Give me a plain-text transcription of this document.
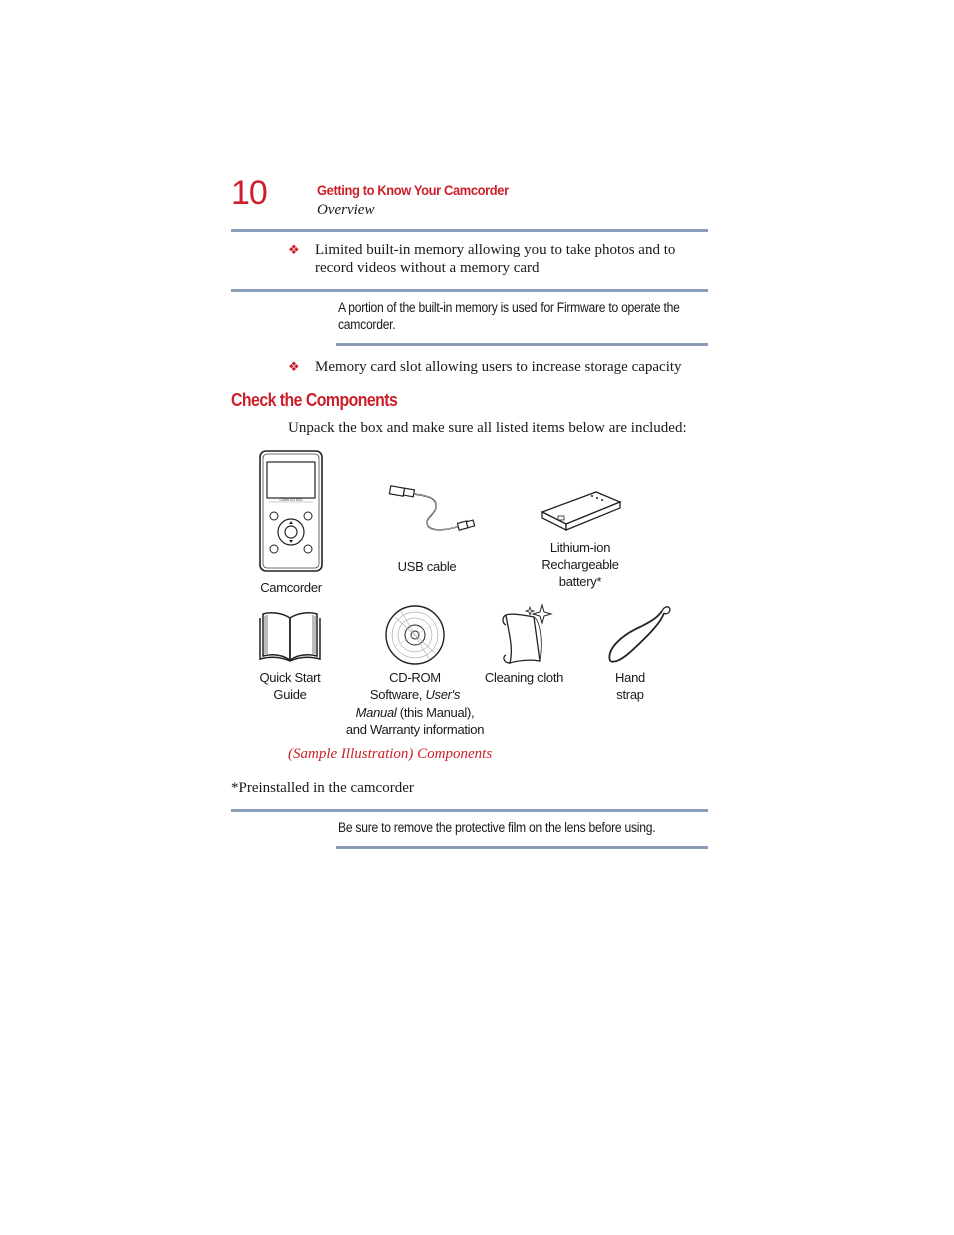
10	Getting to Know Your Camcorder
Overview
❖ Limited built-in memory allowing you to take photos and to
record videos without a memory card
A portion of the built-in memory is used for Firmware to operate the
camcorder.
❖ Memory card slot allowing users to increase storage capacity
Check the Components
Unpack the box and make sure all listed items below are included:
CAMILEO B10
Camcorder
USB cable
Lithium-ion
Rechargeable
battery*
Quick Start
Guide
CD-ROM
Software, User's
Manual (this Manual),
and Warranty information
Cleaning cloth	Hand
strap
(Sample Illustration) Components
*Preinstalled in the camcorder
Be sure to remove the protective film on the lens before using.
